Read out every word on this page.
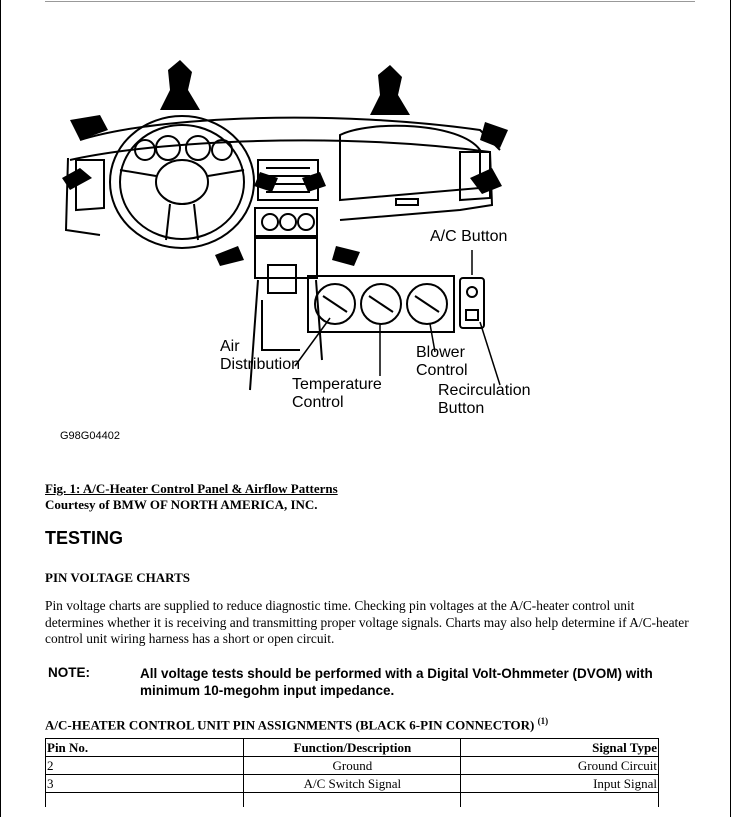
A/C Button
Air
Distribution
Blower
Control
Temperature
Control
Recirculation
Button
G98G04402
Fig. 1: A/C-Heater Control Panel & Airflow Patterns
Courtesy of BMW OF NORTH AMERICA, INC.
TESTING
PIN VOLTAGE CHARTS
Pin voltage charts are supplied to reduce diagnostic time. Checking pin voltages at the A/C-heater control unit determines whether it is receiving and transmitting proper voltage signals. Charts may also help determine if A/C-heater control unit wiring harness has a short or open circuit.
NOTE:	All voltage tests should be performed with a Digital Volt-Ohmmeter (DVOM) with minimum 10-megohm input impedance.
A/C-HEATER CONTROL UNIT PIN ASSIGNMENTS (BLACK 6-PIN CONNECTOR) $^{(1)}$
Pin No.	Function/Description	Signal Type
2	Ground	Ground Circuit
3	A/C Switch Signal	Input Signal
